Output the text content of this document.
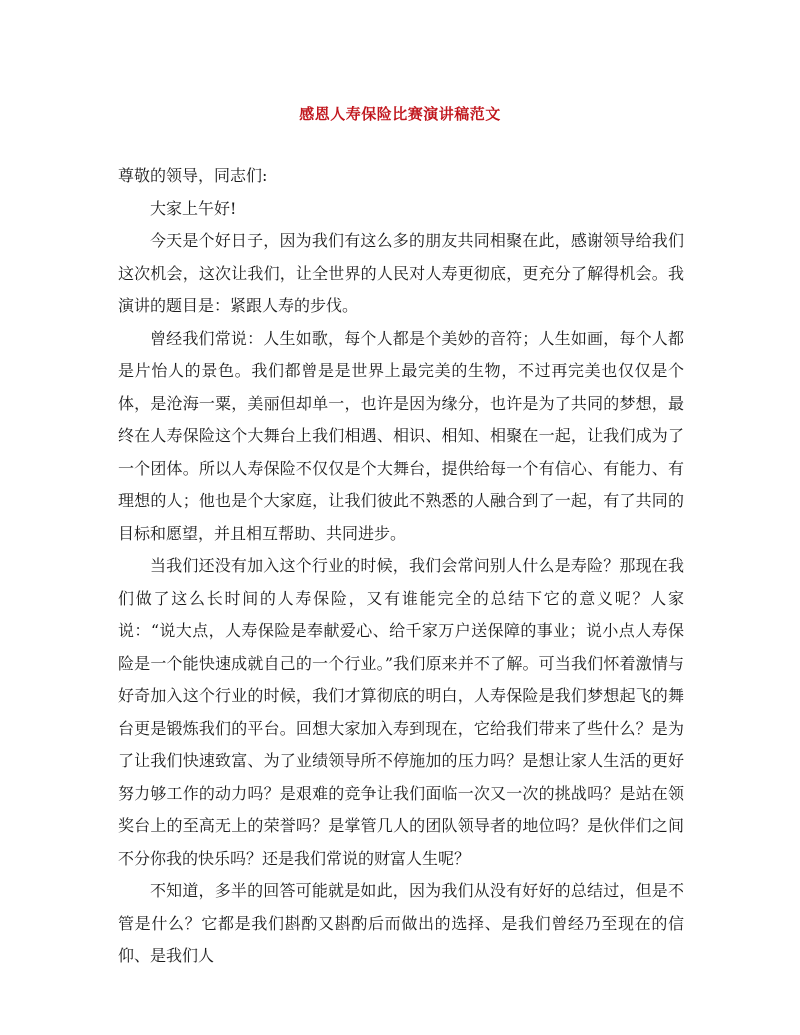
感恩人寿保险比赛演讲稿范文

尊敬的领导，同志们:

大家上午好!

今天是个好日子，因为我们有这么多的朋友共同相聚在此，感谢领导给我们这次机会，这次让我们，让全世界的人民对人寿更彻底，更充分了解得机会。我演讲的题目是：紧跟人寿的步伐。

曾经我们常说：人生如歌，每个人都是个美妙的音符；人生如画，每个人都是片怡人的景色。我们都曾是是世界上最完美的生物，不过再完美也仅仅是个体，是沧海一粟，美丽但却单一，也许是因为缘分，也许是为了共同的梦想，最终在人寿保险这个大舞台上我们相遇、相识、相知、相聚在一起，让我们成为了一个团体。所以人寿保险不仅仅是个大舞台，提供给每一个有信心、有能力、有理想的人；他也是个大家庭，让我们彼此不熟悉的人融合到了一起，有了共同的目标和愿望，并且相互帮助、共同进步。

当我们还没有加入这个行业的时候，我们会常问别人什么是寿险？那现在我们做了这么长时间的人寿保险，又有谁能完全的总结下它的意义呢？人家说：“说大点，人寿保险是奉献爱心、给千家万户送保障的事业；说小点人寿保险是一个能快速成就自己的一个行业。”我们原来并不了解。可当我们怀着激情与好奇加入这个行业的时候，我们才算彻底的明白，人寿保险是我们梦想起飞的舞台更是锻炼我们的平台。回想大家加入寿到现在，它给我们带来了些什么？是为了让我们快速致富、为了业绩领导所不停施加的压力吗？是想让家人生活的更好努力够工作的动力吗？是艰难的竞争让我们面临一次又一次的挑战吗？是站在领奖台上的至高无上的荣誉吗？是掌管几人的团队领导者的地位吗？是伙伴们之间不分你我的快乐吗？还是我们常说的财富人生呢？

不知道，多半的回答可能就是如此，因为我们从没有好好的总结过，但是不管是什么？它都是我们斟酌又斟酌后而做出的选择、是我们曾经乃至现在的信仰、是我们人
